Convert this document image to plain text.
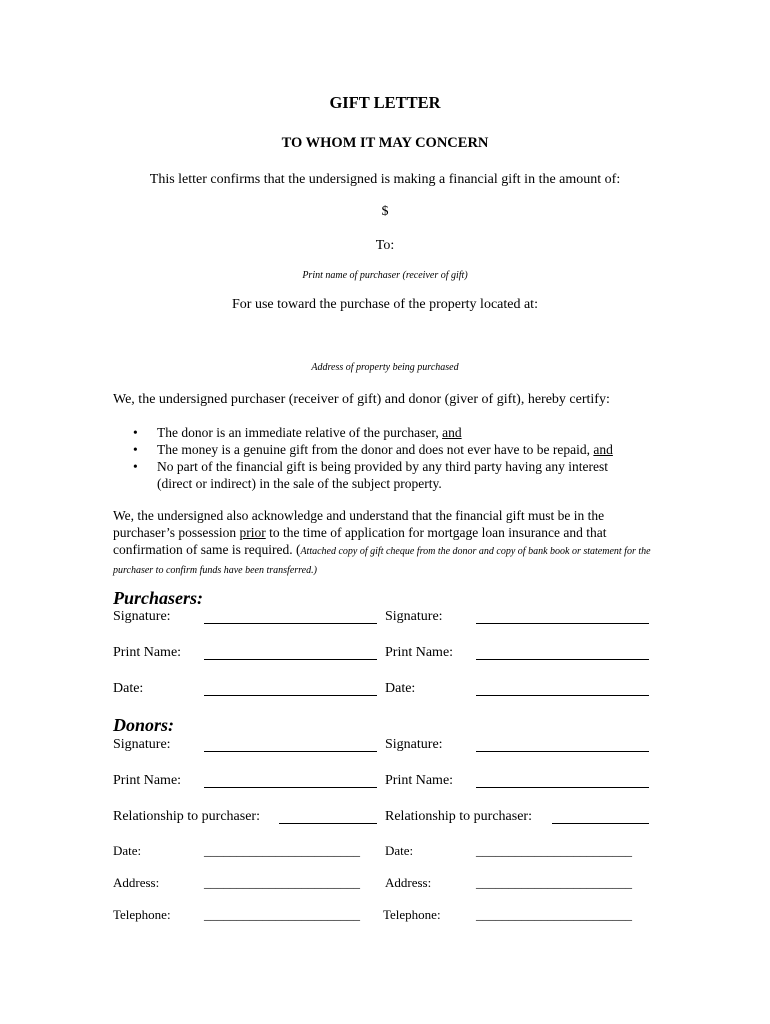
GIFT LETTER
TO WHOM IT MAY CONCERN
This letter confirms that the undersigned is making a financial gift in the amount of:
$
To:
Print name of purchaser (receiver of gift)
For use toward the purchase of the property located at:
Address of property being purchased
We, the undersigned purchaser (receiver of gift) and donor (giver of gift), hereby certify:
• The donor is an immediate relative of the purchaser, and
• The money is a genuine gift from the donor and does not ever have to be repaid, and
• No part of the financial gift is being provided by any third party having any interest
(direct or indirect) in the sale of the subject property.
We, the undersigned also acknowledge and understand that the financial gift must be in the purchaser’s possession prior to the time of application for mortgage loan insurance and that confirmation of same is required. (Attached copy of gift cheque from the donor and copy of bank book or statement for the purchaser to confirm funds have been transferred.)
Purchasers:
Signature:	Signature:
Print Name:	Print Name:
Date:	Date:
Donors:
Signature:	Signature:
Print Name:	Print Name:
Relationship to purchaser:	Relationship to purchaser:
Date:	________________________ Date:	________________________
Address:	________________________ Address:	________________________
Telephone:	________________________ Telephone:	________________________
